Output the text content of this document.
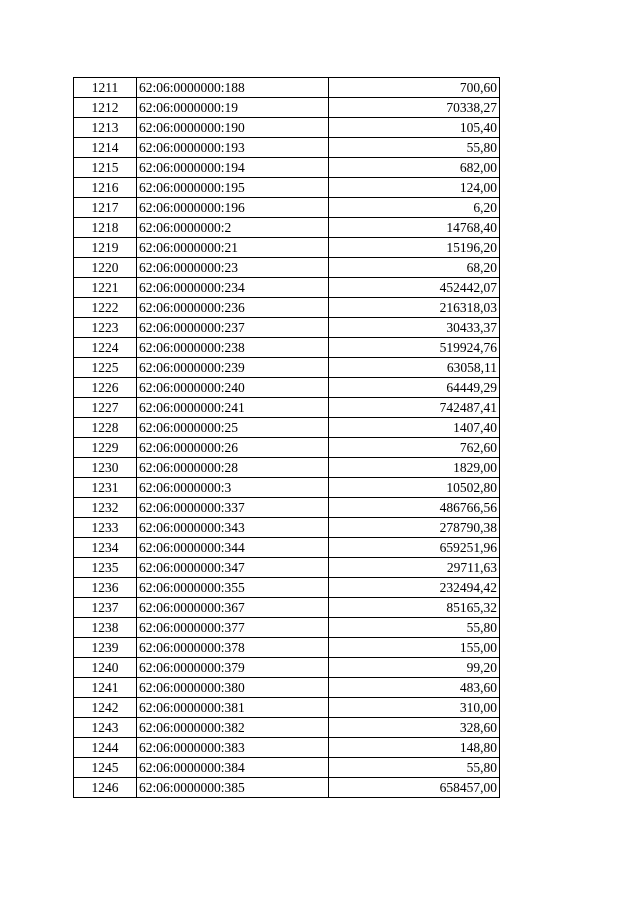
1211	62:06:0000000:188	700,60
1212	62:06:0000000:19	70338,27
1213	62:06:0000000:190	105,40
1214	62:06:0000000:193	55,80
1215	62:06:0000000:194	682,00
1216	62:06:0000000:195	124,00
1217	62:06:0000000:196	6,20
1218	62:06:0000000:2	14768,40
1219	62:06:0000000:21	15196,20
1220	62:06:0000000:23	68,20
1221	62:06:0000000:234	452442,07
1222	62:06:0000000:236	216318,03
1223	62:06:0000000:237	30433,37
1224	62:06:0000000:238	519924,76
1225	62:06:0000000:239	63058,11
1226	62:06:0000000:240	64449,29
1227	62:06:0000000:241	742487,41
1228	62:06:0000000:25	1407,40
1229	62:06:0000000:26	762,60
1230	62:06:0000000:28	1829,00
1231	62:06:0000000:3	10502,80
1232	62:06:0000000:337	486766,56
1233	62:06:0000000:343	278790,38
1234	62:06:0000000:344	659251,96
1235	62:06:0000000:347	29711,63
1236	62:06:0000000:355	232494,42
1237	62:06:0000000:367	85165,32
1238	62:06:0000000:377	55,80
1239	62:06:0000000:378	155,00
1240	62:06:0000000:379	99,20
1241	62:06:0000000:380	483,60
1242	62:06:0000000:381	310,00
1243	62:06:0000000:382	328,60
1244	62:06:0000000:383	148,80
1245	62:06:0000000:384	55,80
1246	62:06:0000000:385	658457,00
